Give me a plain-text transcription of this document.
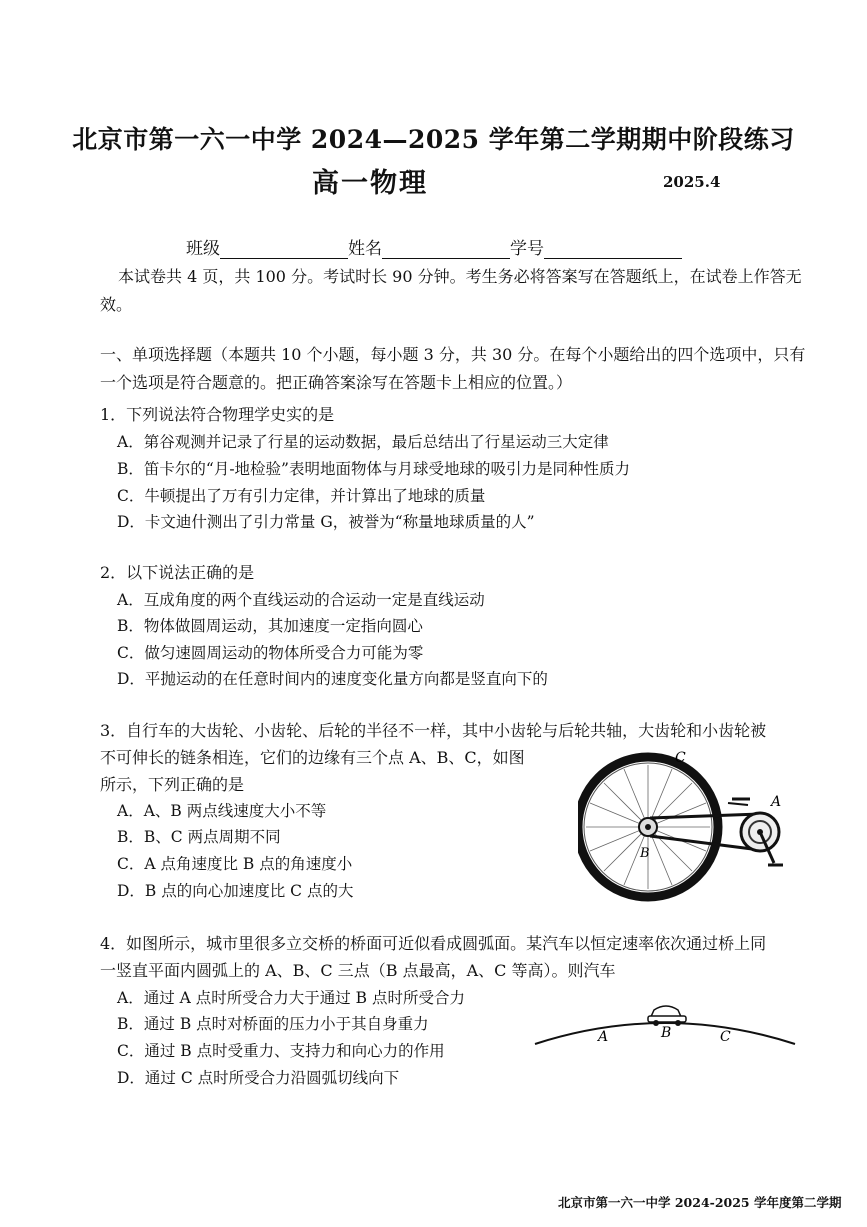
北京市第一六一中学 2024—2025 学年第二学期期中阶段练习
高一物理	2025.4
班级	姓名	学号
本试卷共 4 页，共 100 分。考试时长 90 分钟。考生务必将答案写在答题纸上，在试卷上作答无效。
一、单项选择题（本题共 10 个小题，每小题 3 分，共 30 分。在每个小题给出的四个选项中，只有一个选项是符合题意的。把正确答案涂写在答题卡上相应的位置。）
1．下列说法符合物理学史实的是
A．第谷观测并记录了行星的运动数据，最后总结出了行星运动三大定律
B．笛卡尔的“月-地检验”表明地面物体与月球受地球的吸引力是同种性质力
C．牛顿提出了万有引力定律，并计算出了地球的质量
D．卡文迪什测出了引力常量 G，被誉为“称量地球质量的人”
2．以下说法正确的是
A．互成角度的两个直线运动的合运动一定是直线运动
B．物体做圆周运动，其加速度一定指向圆心
C．做匀速圆周运动的物体所受合力可能为零
D．平抛运动的在任意时间内的速度变化量方向都是竖直向下的
3．自行车的大齿轮、小齿轮、后轮的半径不一样，其中小齿轮与后轮共轴，大齿轮和小齿轮被
不可伸长的链条相连，它们的边缘有三个点 A、B、C，如图
所示，下列正确的是
A．A、B 两点线速度大小不等
B．B、C 两点周期不同
C．A 点角速度比 B 点的角速度小
D．B 点的向心加速度比 C 点的大
C
A
B
4．如图所示，城市里很多立交桥的桥面可近似看成圆弧面。某汽车以恒定速率依次通过桥上同
一竖直平面内圆弧上的 A、B、C 三点（B 点最高，A、C 等高）。则汽车
A．通过 A 点时所受合力大于通过 B 点时所受合力
B．通过 B 点时对桥面的压力小于其自身重力
C．通过 B 点时受重力、支持力和向心力的作用
D．通过 C 点时所受合力沿圆弧切线向下
A	B	C
北京市第一六一中学 2024-2025 学年度第二学期
